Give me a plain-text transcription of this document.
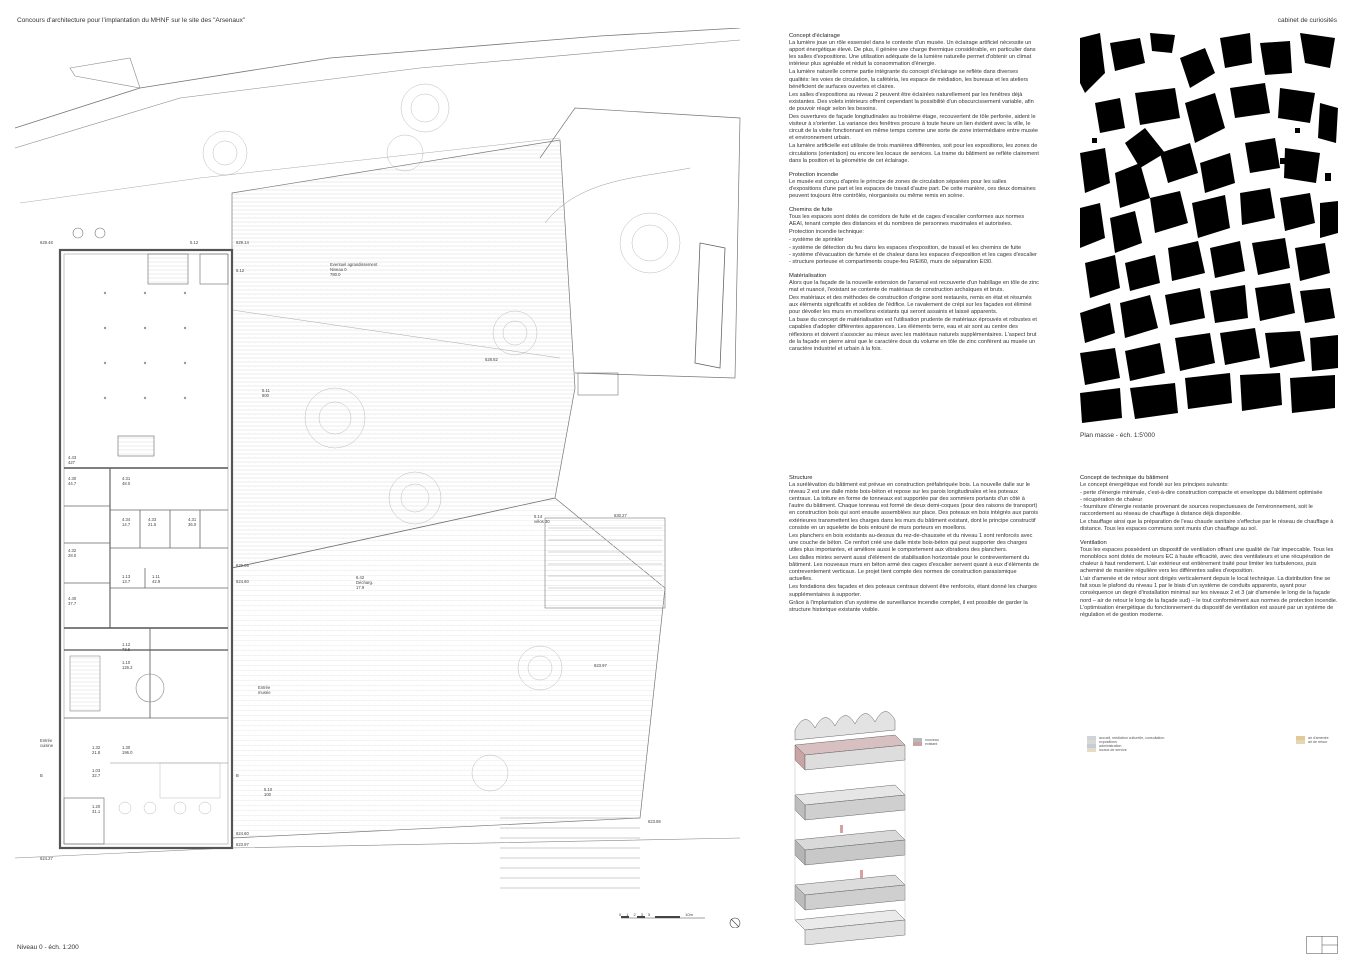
Concours d'architecture pour l'implantation du MHNF sur le site des "Arsenaux"	cabinet de curiosités
629.48	5.12	629.14
5.12
5.11
800
628.82
Eventuel agrandissement
Niveau 0
780.0
4.43
427
4.30
44.7
4.31
48.0
4.34
14.7
4.33
21.5
4.31
36.0
4.32
28.0
1.13
13.7
1.11
42.9
4.40
37.7
629.05
624.60
1.12
73.5
1.10
126.2
Entrée
musée
Entrée
cuisine	1.32
21.8
1.30
196.0
1.03
32.7
1.20
31.1
B	B
5.10
100
624.60
623.97
624.27
6.42
Décharg.
17.9
5.14
vélos 30
630.27
623.97
623.86
0 1 2 3 5	10m
Niveau 0 - éch. 1:200
Concept d'éclairage

La lumière joue un rôle essensiel dans le contexte d'un musée. Un éclairage artificiel nécessite un apport énergétique élevé. De plus, il génère une charge thermique considérable, en particulier dans les salles d'expositions. Une utilisation adéquate de la lumière naturelle permet d'obtenir un climat intérieur plus agréable et réduit la consommation d'énergie.

La lumière naturelle comme partie intégrante du concept d'éclairage se reflète dans diverses qualités: les voies de circulation, la cafétéria, les espace de médiation, les bureaux et les ateliers bénéficient de surfaces ouvertes et claires.

Les salles d'expositions au niveau 2 peuvent être éclairées naturellement par les fenêtres déjà existantes. Des volets intérieurs offrent cependant la possibilité d'un obscurcissement variable, afin de pouvoir réagir selon les besoins.

Des ouvertures de façade longitudinales au troisième étage, recouvertent de tôle perforée, aident le visiteur à s'orienter. La variance des fenêtres procure à toute heure un lien évident avec la ville, le circuit de la visite fonctionnant en même temps comme une sorte de zone intermédiaire entre musée et environnement urbain.

La lumière artificielle est utilisée de trois manières différentes, soit pour les expositions, les zones de circulations (orientation) ou encore les locaux de services. La trame du bâtiment se reflète clairement dans la position et la géométrie de cet éclairage.

Protection incendie

Le musée est conçu d'après le principe de zones de circulation séparées pour les salles d'expositions d'une part et les espaces de travail d'autre part. De cette manière, ces deux domaines peuvent toujours être contrôlés, réorganisés ou même remis en scène.

Chemins de fuite

Tous les espaces sont dotés de corridors de fuite et de cages d'escalier conformes aux normes AEAI, tenant compte des distances et du nombres de personnes maximales et autorisées.

Protection incendie technique:

- système de sprinkler
- système de détection du feu dans les espaces d'exposition, de travail et les chemins de fuite
- système d'évacuation de fumée et de chaleur dans les espaces d'exposition et les cages d'escalier
- structure porteuse et compartiments coupe-feu R/EI60, murs de séparation EI30.
Matérialisation

Alors que la façade de la nouvelle extension de l'arsenal est recouverte d'un habillage en tôle de zinc mat et nuancé, l'existant se contente de matériaux de construction archaïques et bruts.

Des matériaux et des méthodes de construction d'origine sont restaurés, remis en état et résumés aux éléments significatifs et solides de l'édifice. Le ravalement de crépi sur les façades est éliminé pour dévoiler les murs en moellons existants qui seront assainis et laissé apparents.

La base du concept de matérialisation est l'utilisation prudente de matériaux éprouvés et robustes et capables d'adopter différentes apparences. Les éléments terre, eau et air sont au centre des réflexions et doivent s'associer au mieux avec les matériaux naturels supplémentaires. L'aspect brut de la façade en pierre ainsi que le caractère doux du volume en tôle de zinc confèrent au musée un caractère industriel et urbain à la fois.

Structure

La surélévation du bâtiment est prévue en construction préfabriquée bois. La nouvelle dalle sur le niveau 2 est une dalle mixte bois-béton et repose sur les parois longitudinales et les poteaux centraux. La toiture en forme de tonneaux est supportée par des sommiers portants d'un côté à l'autre du bâtiment. Chaque tonneau est formé de deux demi-coques (pour des raisons de transport) en construction bois qui sont ensuite assemblées sur place. Des poteaux en bois intégrés aux parois extérieures transmettent les charges dans les murs du bâtiment existant, dont le principe constructif consiste en un squelette de bois entouré de murs porteurs en moellons.

Les planchers en bois existants au-dessus du rez-de-chaussée et du niveau 1 sont renforcés avec une couche de béton. Ce renfort créé une dalle mixte bois-béton qui peut supporter des charges utiles plus importantes, et améliore aussi le comportement aux vibrations des planchers.

Les dalles mixtes servent aussi d'élément de stabilisation horizontale pour le contreventement du bâtiment. Les nouveaux murs en béton armé des cages d'escalier servent quant à eux d'éléments de contreventement verticaux. Le projet tient compte des normes de construction parasismique actuelles.

Les fondations des façades et des poteaux centraux doivent être renforcés, étant donné les charges supplémentaires à supporter.

Grâce à l'implantation d'un système de surveillance incendie complet, il est possible de garder la structure historique existante visible.

Concept de technique du bâtiment

Le concept énergétique est fondé sur les principes suivants:

- perte d'énergie minimale, c'est-à-dire construction compacte et enveloppe du bâtiment optimisée
- récupération de chaleur
- fourniture d'énergie restante provenant de sources respectueuses de l'environnement, soit le raccordement au réseau de chauffage à distance déjà disponible.

Le chauffage ainsi que la préparation de l'eau chaude sanitaire s'effectue par le réseau de chauffage à distance. Tous les espaces communs sont munis d'un chauffage au sol.

Ventilation

Tous les espaces possèdent un dispositif de ventilation offrant une qualité de l'air impeccable. Tous les monoblocs sont dotés de moteurs EC à haute efficacité, avec des ventilateurs et une récupération de chaleur à haut rendement. L'air extérieur est entièrement traité pour limiter les turbulences, puis acheminé de manière régulière vers les différentes salles d'exposition.

L'air d'amenée et de retour sont dirigés verticalement depuis le local technique. La distribution fine se fait sous le plafond du niveau 1 par le biais d'un système de conduits apparents, ayant pour conséquence un degré d'installation minimal sur les niveaux 2 et 3 (air d'amenée le long de la façade nord – air de retour le long de la façade sud) – le tout conformément aux normes de protection incendie. L'optimisation énergétique du fonctionnement du dispositif de ventilation est assuré par un système de régulation et de gestion moderne.

Plan masse - éch. 1:5'000
nouveau
existant
accueil, médiation culturelle, consultation
expositions
administration
locaux de service
air d'amenée
air de retour
